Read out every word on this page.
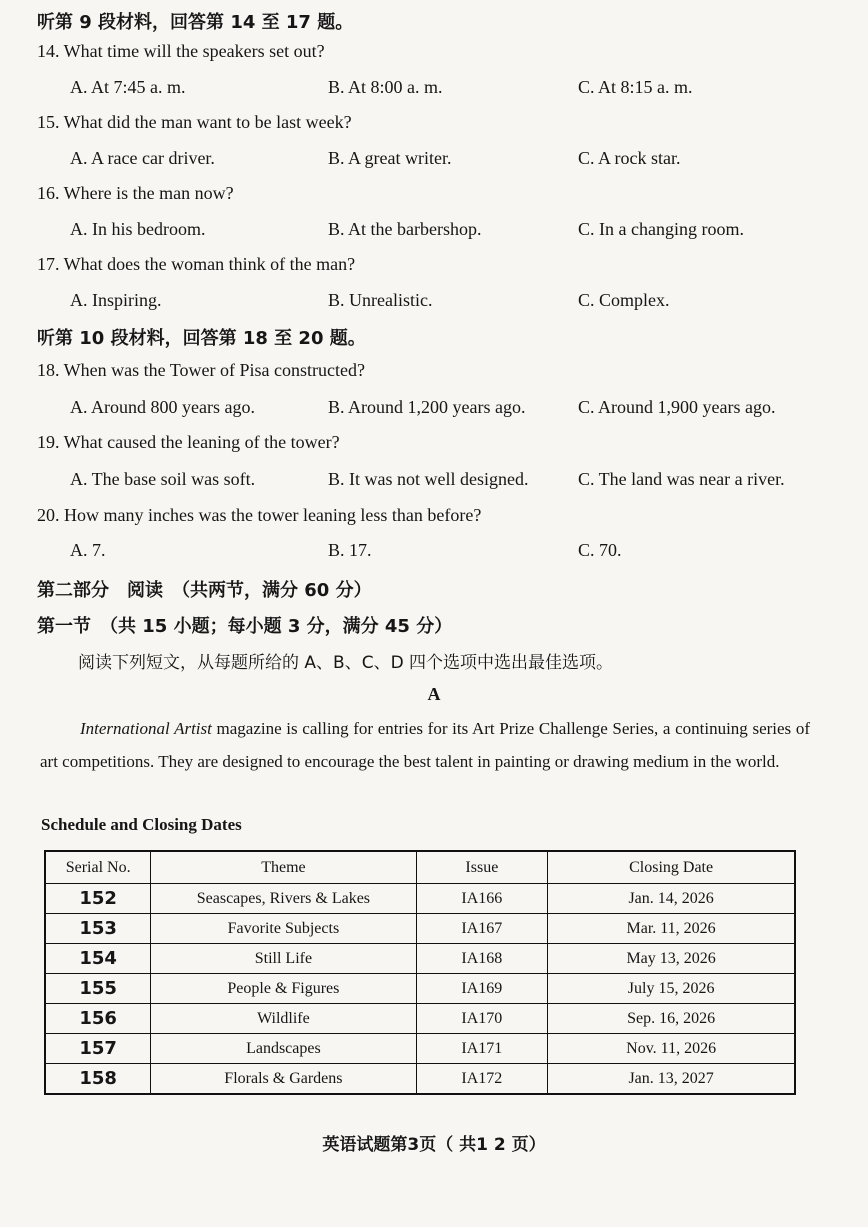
听第 9 段材料，回答第 14 至 17 题。
14. What time will the speakers set out?
A. At 7:45 a. m.	B. At 8:00 a. m.	C. At 8:15 a. m.
15. What did the man want to be last week?
A. A race car driver.	B. A great writer.	C. A rock star.
16. Where is the man now?
A. In his bedroom.	B. At the barbershop.	C. In a changing room.
17. What does the woman think of the man?
A. Inspiring.	B. Unrealistic.	C. Complex.
听第 10 段材料，回答第 18 至 20 题。
18. When was the Tower of Pisa constructed?
A. Around 800 years ago.	B. Around 1,200 years ago.	C. Around 1,900 years ago.
19. What caused the leaning of the tower?
A. The base soil was soft.	B. It was not well designed.	C. The land was near a river.
20. How many inches was the tower leaning less than before?
A. 7.	B. 17.	C. 70.
第二部分　阅读　（共两节，满分 60 分）
第一节　（共 15 小题；每小题 3 分，满分 45 分）
阅读下列短文，从每题所给的 A、B、C、D 四个选项中选出最佳选项。
A
International Artist magazine is calling for entries for its Art Prize Challenge Series, a continuing series of art competitions. They are designed to encourage the best talent in painting or drawing medium in the world.
Schedule and Closing Dates
Serial No.	Theme	Issue	Closing Date
152	Seascapes, Rivers & Lakes	IA166	Jan. 14, 2026
153	Favorite Subjects	IA167	Mar. 11, 2026
154	Still Life	IA168	May 13, 2026
155	People & Figures	IA169	July 15, 2026
156	Wildlife	IA170	Sep. 16, 2026
157	Landscapes	IA171	Nov. 11, 2026
158	Florals & Gardens	IA172	Jan. 13, 2027
英语试题第3页（ 共1 2 页）
